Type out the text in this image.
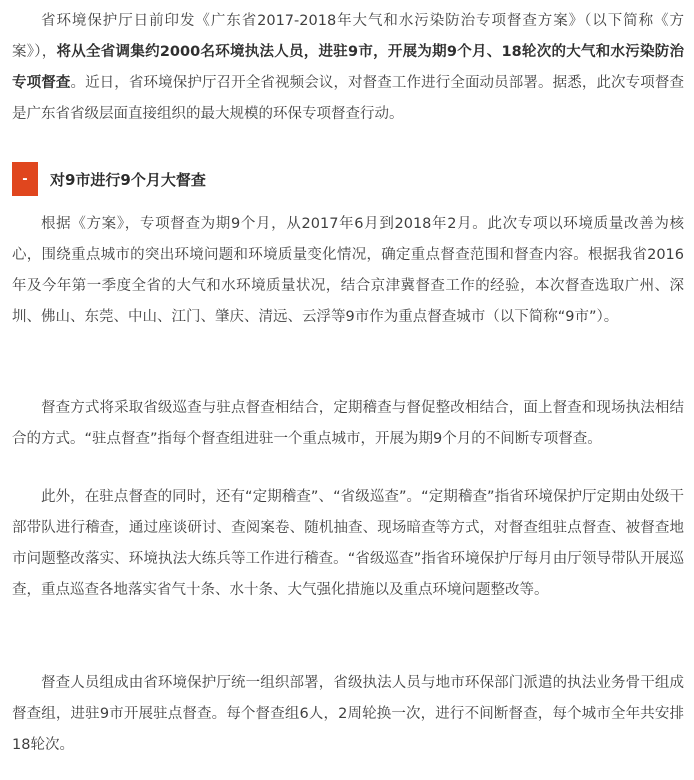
省环境保护厅日前印发《广东省2017-2018年大气和水污染防治专项督查方案》（以下简称《方案》），将从全省调集约2000名环境执法人员，进驻9市，开展为期9个月、18轮次的大气和水污染防治专项督查。近日，省环境保护厅召开全省视频会议，对督查工作进行全面动员部署。据悉，此次专项督查是广东省省级层面直接组织的最大规模的环保专项督查行动。

- 对9市进行9个月大督查

根据《方案》，专项督查为期9个月，从2017年6月到2018年2月。此次专项以环境质量改善为核心，围绕重点城市的突出环境问题和环境质量变化情况，确定重点督查范围和督查内容。根据我省2016年及今年第一季度全省的大气和水环境质量状况，结合京津冀督查工作的经验，本次督查选取广州、深圳、佛山、东莞、中山、江门、肇庆、清远、云浮等9市作为重点督查城市（以下简称“9市”）。

督查方式将采取省级巡查与驻点督查相结合，定期稽查与督促整改相结合，面上督查和现场执法相结合的方式。“驻点督查”指每个督查组进驻一个重点城市，开展为期9个月的不间断专项督查。

此外，在驻点督查的同时，还有“定期稽查”、“省级巡查”。“定期稽查”指省环境保护厅定期由处级干部带队进行稽查，通过座谈研讨、查阅案卷、随机抽查、现场暗查等方式，对督查组驻点督查、被督查地市问题整改落实、环境执法大练兵等工作进行稽查。“省级巡查”指省环境保护厅每月由厅领导带队开展巡查，重点巡查各地落实省气十条、水十条、大气强化措施以及重点环境问题整改等。

督查人员组成由省环境保护厅统一组织部署，省级执法人员与地市环保部门派遣的执法业务骨干组成督查组，进驻9市开展驻点督查。每个督查组6人，2周轮换一次，进行不间断督查，每个城市全年共安排18轮次。
